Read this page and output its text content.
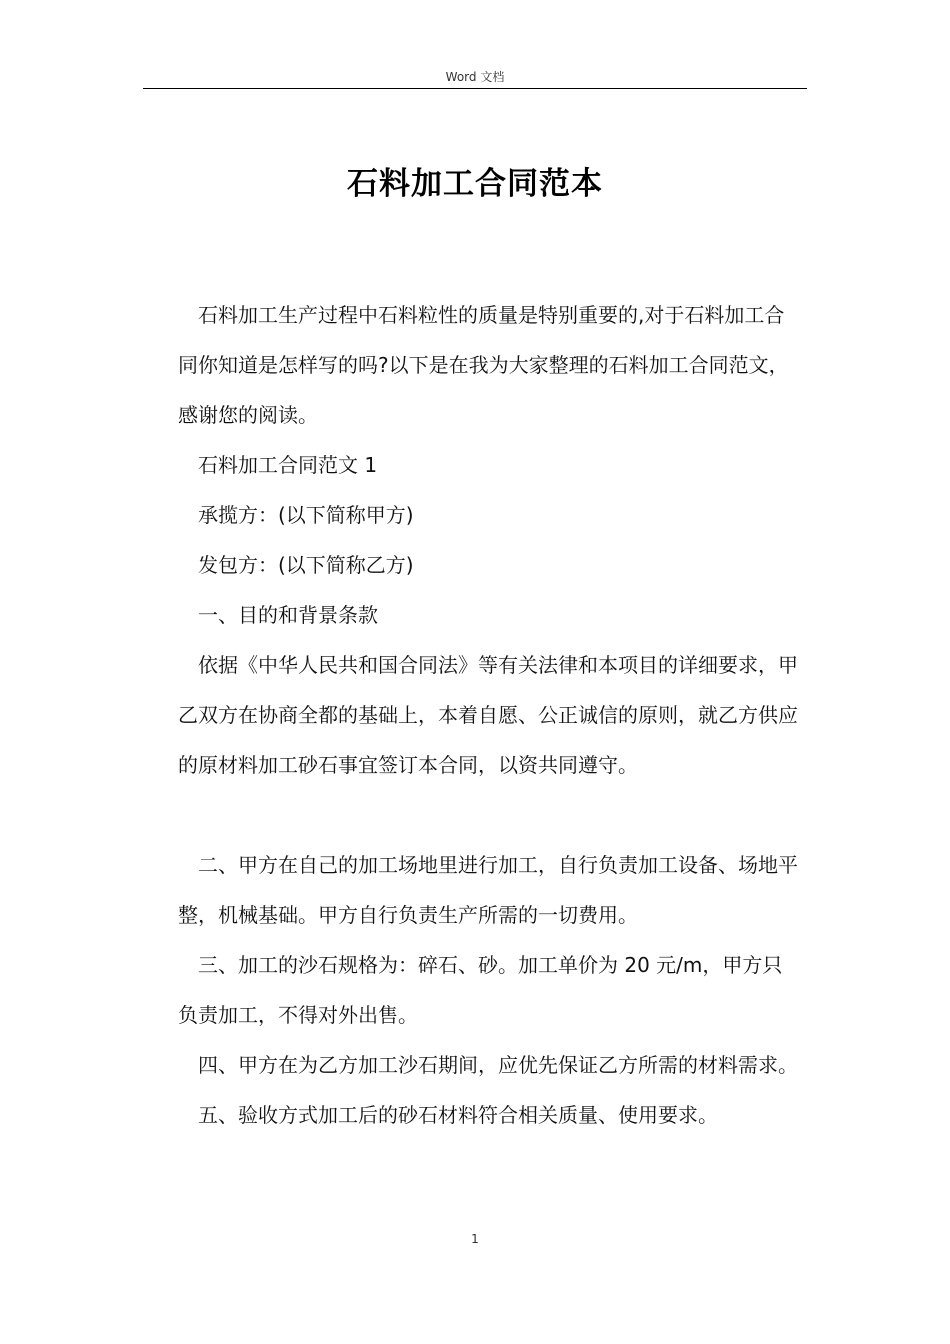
Word 文档
石料加工合同范本

石料加工生产过程中石料粒性的质量是特别重要的,对于石料加工合同你知道是怎样写的吗?以下是在我为大家整理的石料加工合同范文，感谢您的阅读。

石料加工合同范文 1

承揽方：(以下简称甲方)

发包方：(以下简称乙方)

一、目的和背景条款

依据《中华人民共和国合同法》等有关法律和本项目的详细要求，甲乙双方在协商全都的基础上，本着自愿、公正诚信的原则，就乙方供应的原材料加工砂石事宜签订本合同，以资共同遵守。

二、甲方在自己的加工场地里进行加工，自行负责加工设备、场地平整，机械基础。甲方自行负责生产所需的一切费用。

三、加工的沙石规格为：碎石、砂。加工单价为 20 元/m，甲方只负责加工，不得对外出售。

四、甲方在为乙方加工沙石期间，应优先保证乙方所需的材料需求。

五、验收方式加工后的砂石材料符合相关质量、使用要求。

1
